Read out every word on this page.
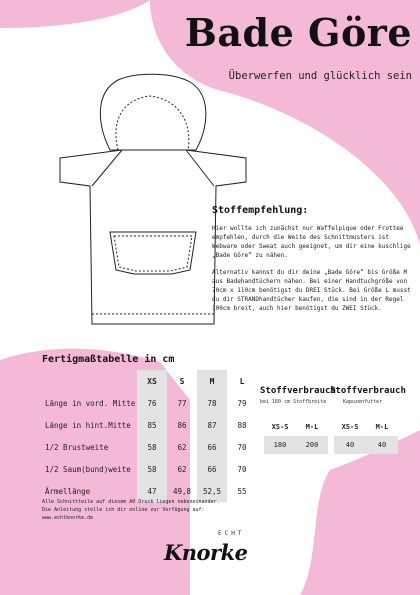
Bade Göre
Überwerfen und glücklich sein
Stoffempfehlung:

Hier wollte ich zunächst nur Waffelpique oder Frottee empfehlen, durch die Weite des Schnittmusters ist Webware oder Sweat auch geeignet, um dir eine kuschlige „Bade Göre“ zu nähen.

Alternativ kannst du dir deine „Bade Göre“ bis Größe M aus Badehandtüchern nähen. Bei einer Handtuchgröße von 70cm x 110cm benötigst du DREI Stück. Bei Größe L musst du dir STRANDhandtücher kaufen, die sind in der Regel 100cm breit, auch hier benötigst du ZWEI Stück.

Fertigmaßtabelle in cm
	XS	S	M	L
Länge in vord. Mitte	76	77	78	79
Länge in hint.Mitte	85	86	87	88
1/2 Brustweite	58	62	66	70
1/2 Saum(bund)weite	58	62	66	70
Ärmellänge	47	49,8	52,5	55
Stoffverbrauch
bei 160 cm Stoffbreite
XS-S	M-L
180	200
Stoffverbrauch
Kapuzenfutter
XS-S	M-L
40	40
Alle Schnittteile auf diesem A0 Druck liegen nebeneinander.
Die Anleitung stelle ich dir online zur Verfügung auf:
www.echtknorke.de
ECHT
Knorke
